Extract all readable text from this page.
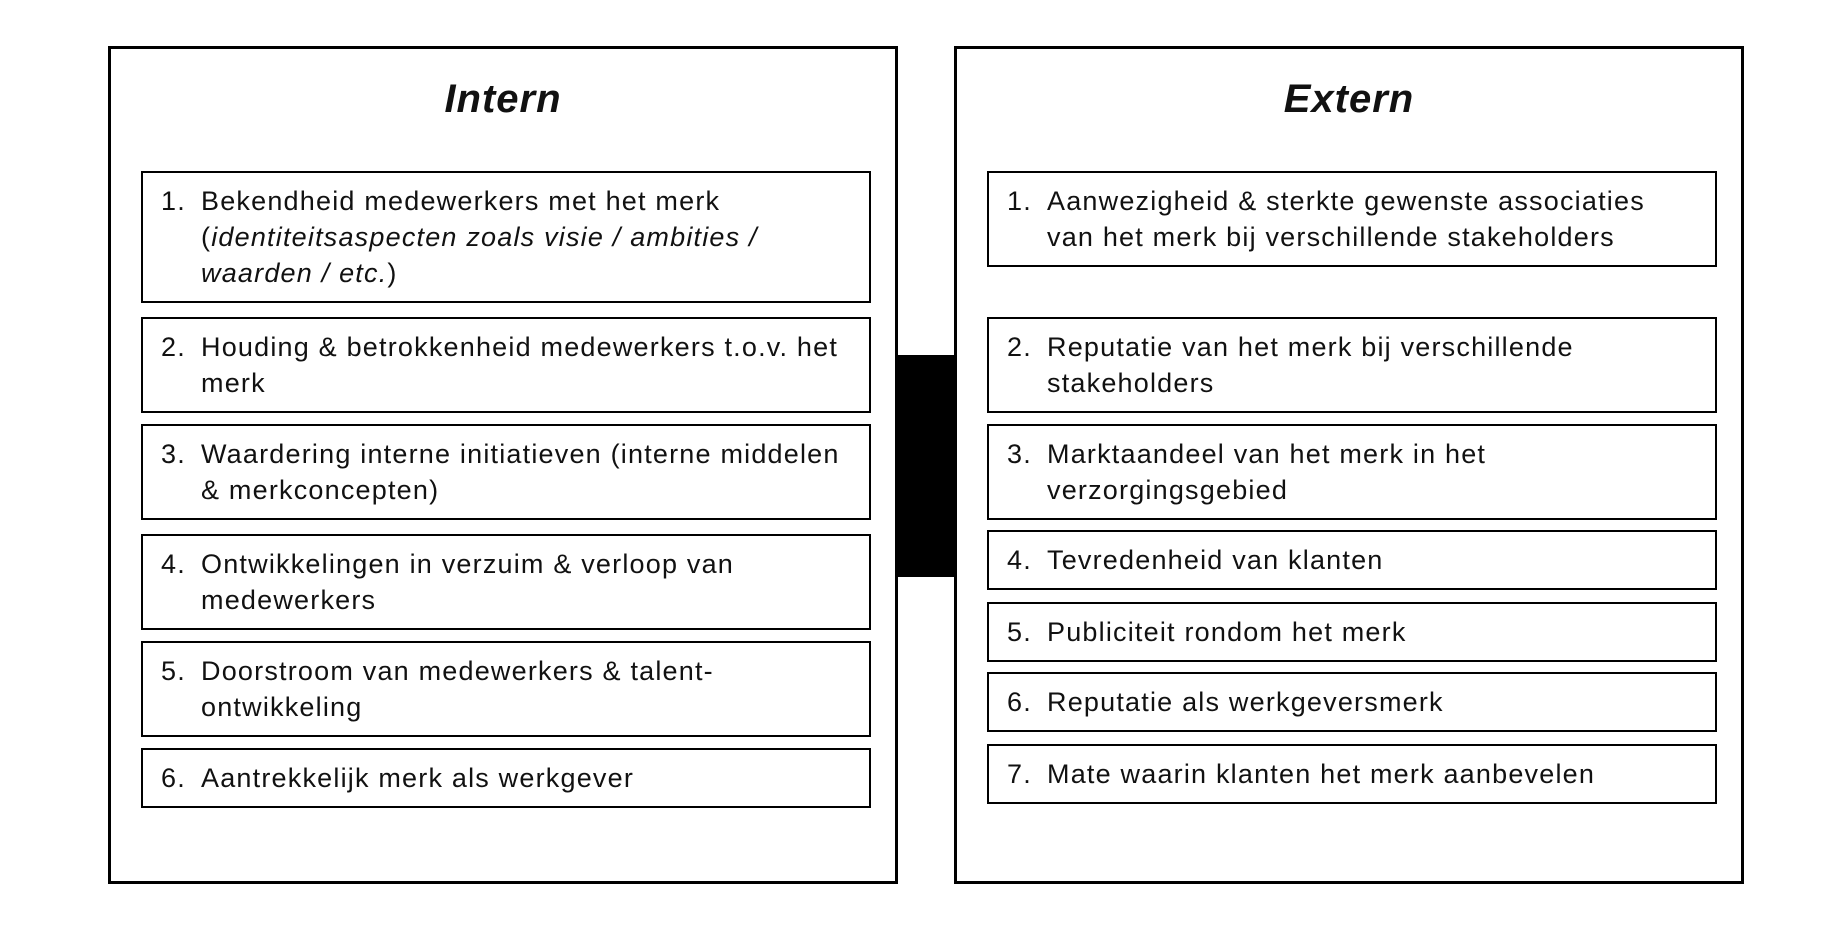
Intern
1. Bekendheid medewerkers met het merk (identiteitsaspecten zoals visie / ambities / waarden / etc.)
2. Houding & betrokkenheid medewerkers t.o.v. het merk
3. Waardering interne initiatieven (interne middelen & merkconcepten)
4. Ontwikkelingen in verzuim & verloop van medewerkers
5. Doorstroom van medewerkers & talent-ontwikkeling
6. Aantrekkelijk merk als werkgever
Extern
1. Aanwezigheid & sterkte gewenste associaties van het merk bij verschillende stakeholders
2. Reputatie van het merk bij verschillende stakeholders
3. Marktaandeel van het merk in het verzorgingsgebied
4. Tevredenheid van klanten
5. Publiciteit rondom het merk
6. Reputatie als werkgeversmerk
7. Mate waarin klanten het merk aanbevelen
